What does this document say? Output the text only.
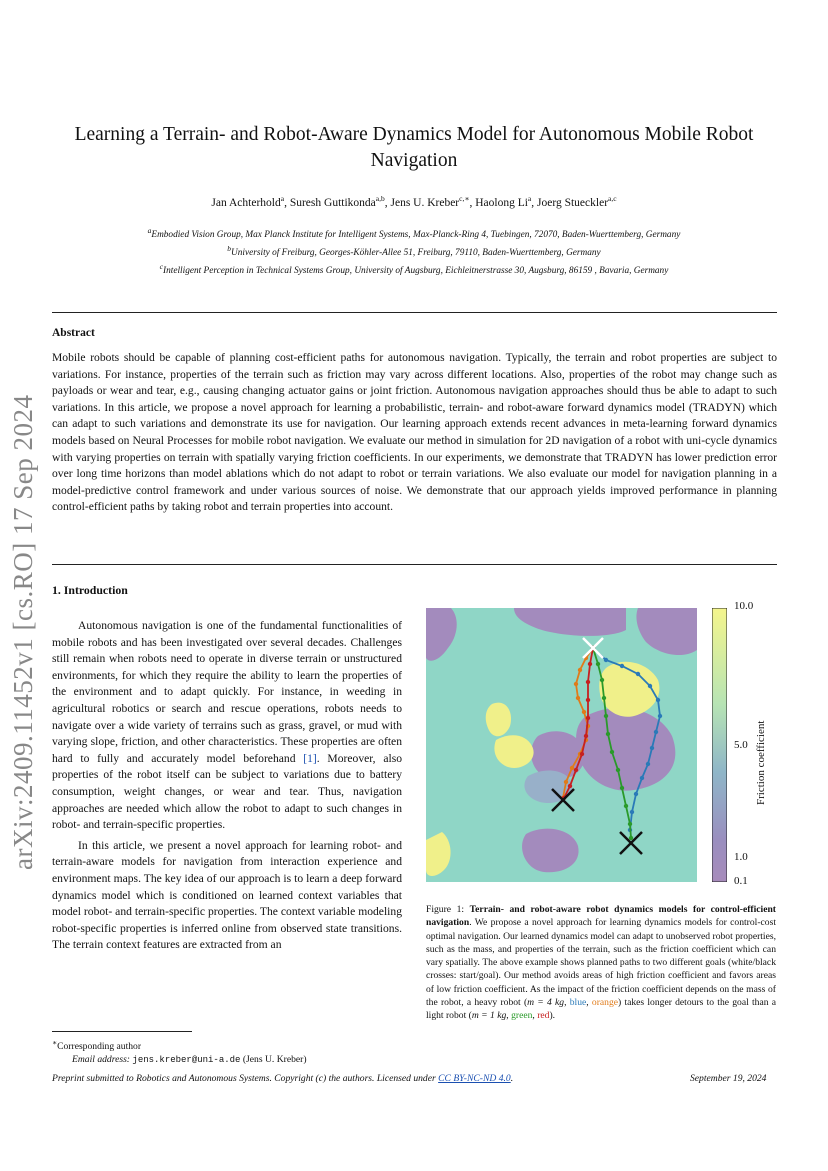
Learning a Terrain- and Robot-Aware Dynamics Model for Autonomous Mobile Robot Navigation
Jan Achterhold$^a$, Suresh Guttikonda$^{a,b}$, Jens U. Kreber$^{c,∗}$, Haolong Li$^a$, Joerg Stueckler$^{a,c}$
$^a$Embodied Vision Group, Max Planck Institute for Intelligent Systems, Max-Planck-Ring 4, Tuebingen, 72070, Baden-Wuerttemberg, Germany
$^b$University of Freiburg, Georges-Köhler-Allee 51, Freiburg, 79110, Baden-Wuerttemberg, Germany
$^c$Intelligent Perception in Technical Systems Group, University of Augsburg, Eichleitnerstrasse 30, Augsburg, 86159 , Bavaria, Germany
Abstract
Mobile robots should be capable of planning cost-efficient paths for autonomous navigation. Typically, the terrain and robot properties are subject to variations. For instance, properties of the terrain such as friction may vary across different locations. Also, properties of the robot may change such as payloads or wear and tear, e.g., causing changing actuator gains or joint friction. Autonomous navigation approaches should thus be able to adapt to such variations. In this article, we propose a novel approach for learning a probabilistic, terrain- and robot-aware forward dynamics model (TRADYN) which can adapt to such variations and demonstrate its use for navigation. Our learning approach extends recent advances in meta-learning forward dynamics models based on Neural Processes for mobile robot navigation. We evaluate our method in simulation for 2D navigation of a robot with uni-cycle dynamics with varying properties on terrain with spatially varying friction coefficients. In our experiments, we demonstrate that TRADYN has lower prediction error over long time horizons than model ablations which do not adapt to robot or terrain variations. We also evaluate our model for navigation planning in a model-predictive control framework and under various sources of noise. We demonstrate that our approach yields improved performance in planning control-efficient paths by taking robot and terrain properties into account.
arXiv:2409.11452v1 [cs.RO] 17 Sep 2024	1. Introduction

Autonomous navigation is one of the fundamental functionalities of mobile robots and has been investigated over several decades. Challenges still remain when robots need to operate in diverse terrain or unstructured environments, for which they require the ability to learn the properties of the environment and to adapt quickly. For instance, in weeding in agricultural robotics or search and rescue operations, robots needs to navigate over a wide variety of terrains such as grass, gravel, or mud with varying slope, friction, and other characteristics. These properties are often hard to fully and accurately model beforehand [1]. Moreover, also properties of the robot itself can be subject to variations due to battery consumption, weight changes, or wear and tear. Thus, navigation approaches are needed which allow the robot to adapt to such changes in robot- and terrain-specific properties.

In this article, we present a novel approach for learning robot- and terrain-aware models for navigation from interaction experience and environment maps. The key idea of our approach is to learn a deep forward dynamics model which is conditioned on learned context variables that model robot- and terrain-specific properties. The context variable modeling robot-specific properties is inferred online from observed state transitions. The terrain context features are extracted from an

10.0
5.0
1.0
0.1
Friction coefficient
Figure 1: Terrain- and robot-aware robot dynamics models for control-efficient navigation. We propose a novel approach for learning dynamics models for control-cost optimal navigation. Our learned dynamics model can adapt to unobserved robot properties, such as the mass, and properties of the terrain, such as the friction coefficient which can vary spatially. The above example shows planned paths to two different goals (white/black crosses: start/goal). Our method avoids areas of high friction coefficient and favors areas of low friction coefficient. As the impact of the friction coefficient depends on the mass of the robot, a heavy robot (m = 4 kg, blue, orange) takes longer detours to the goal than a light robot (m = 1 kg, green, red).
∗Corresponding author
Email address: jens.kreber@uni-a.de (Jens U. Kreber)
Preprint submitted to Robotics and Autonomous Systems. Copyright (c) the authors. Licensed under CC BY-NC-ND 4.0.	September 19, 2024
